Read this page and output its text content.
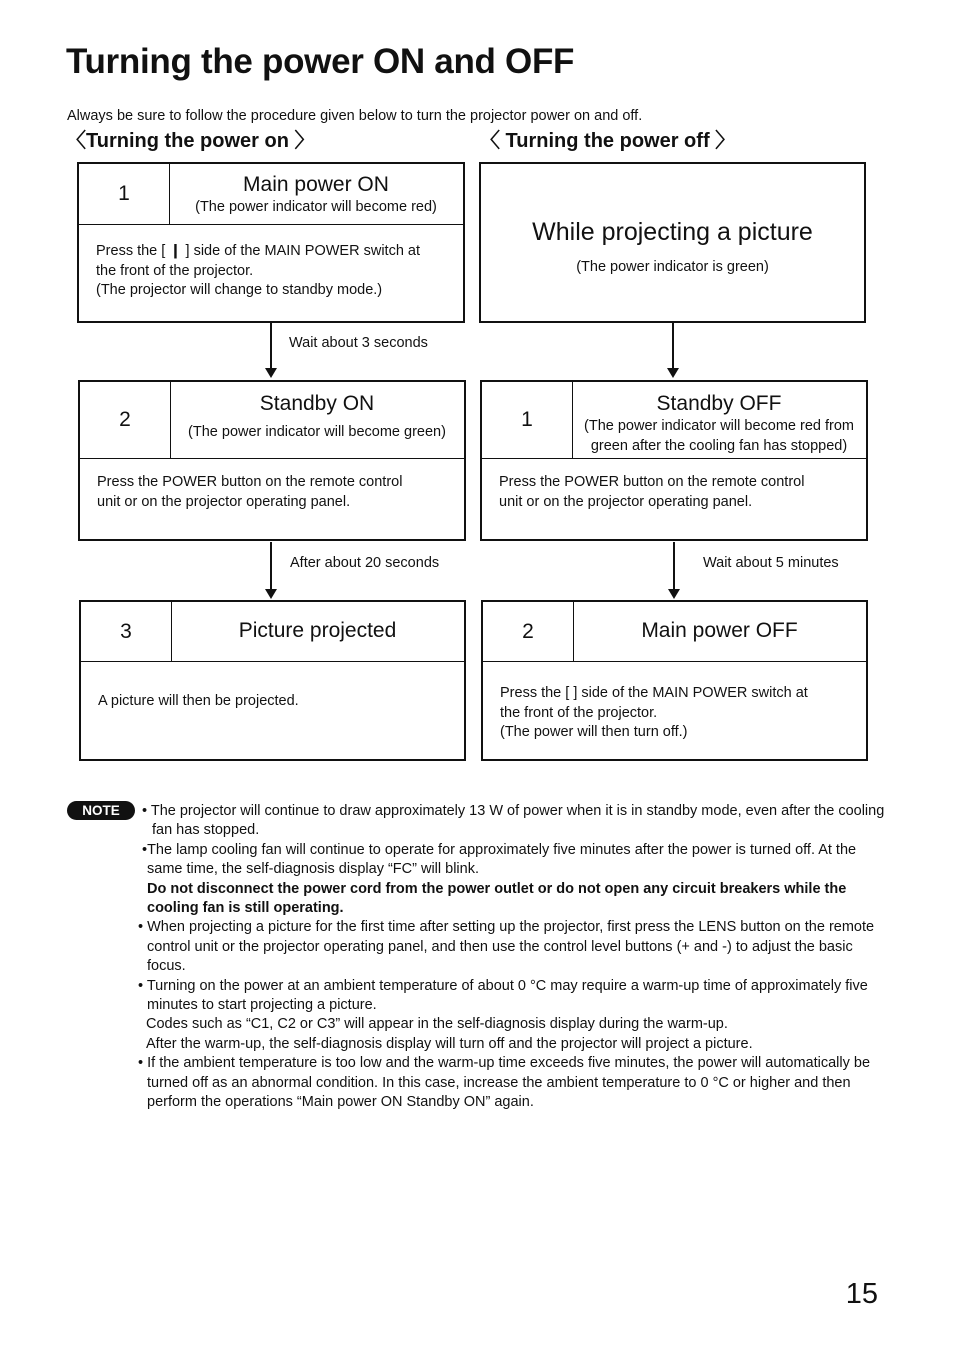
Turning the power ON and OFF
Always be sure to follow the procedure given below to turn the projector power on and off.
〈Turning the power on 〉	〈 Turning the power off 〉
1	Main power ON
(The power indicator will become red)
Press the [ ❙ ] side of the MAIN POWER switch at
the front of the projector.
(The projector will change to standby mode.)
Wait about 3 seconds
2
Standby ON
(The power indicator will become green)
Press the POWER button on the remote control
unit or on the projector operating panel.
After about 20 seconds
3	Picture projected
A picture will then be projected.
While projecting a picture
(The power indicator is green)
1
Standby OFF
(The power indicator will become red from
green after the cooling fan has stopped)
Press the POWER button on the remote control
unit or on the projector operating panel.
Wait about 5 minutes
2	Main power OFF
Press the [ ] side of the MAIN POWER switch at
the front of the projector.
(The power will then turn off.)
NOTE	• The projector will continue to draw approximately 13 W of power when it is in standby mode, even after the cooling fan has stopped.

•The lamp cooling fan will continue to operate for approximately five minutes after the power is turned off. At the same time, the self-diagnosis display “FC” will blink.

Do not disconnect the power cord from the power outlet or do not open any circuit breakers while the cooling fan is still operating.

• When projecting a picture for the first time after setting up the projector, first press the LENS button on the remote control unit or the projector operating panel, and then use the control level buttons (+ and -) to adjust the basic focus.

• Turning on the power at an ambient temperature of about 0 °C may require a warm-up time of approximately five minutes to start projecting a picture.

Codes such as “C1, C2 or C3” will appear in the self-diagnosis display during the warm-up.

After the warm-up, the self-diagnosis display will turn off and the projector will project a picture.

• If the ambient temperature is too low and the warm-up time exceeds five minutes, the power will automatically be turned off as an abnormal condition. In this case, increase the ambient temperature to 0 °C or higher and then perform the operations “Main power ON Standby ON” again.

15
